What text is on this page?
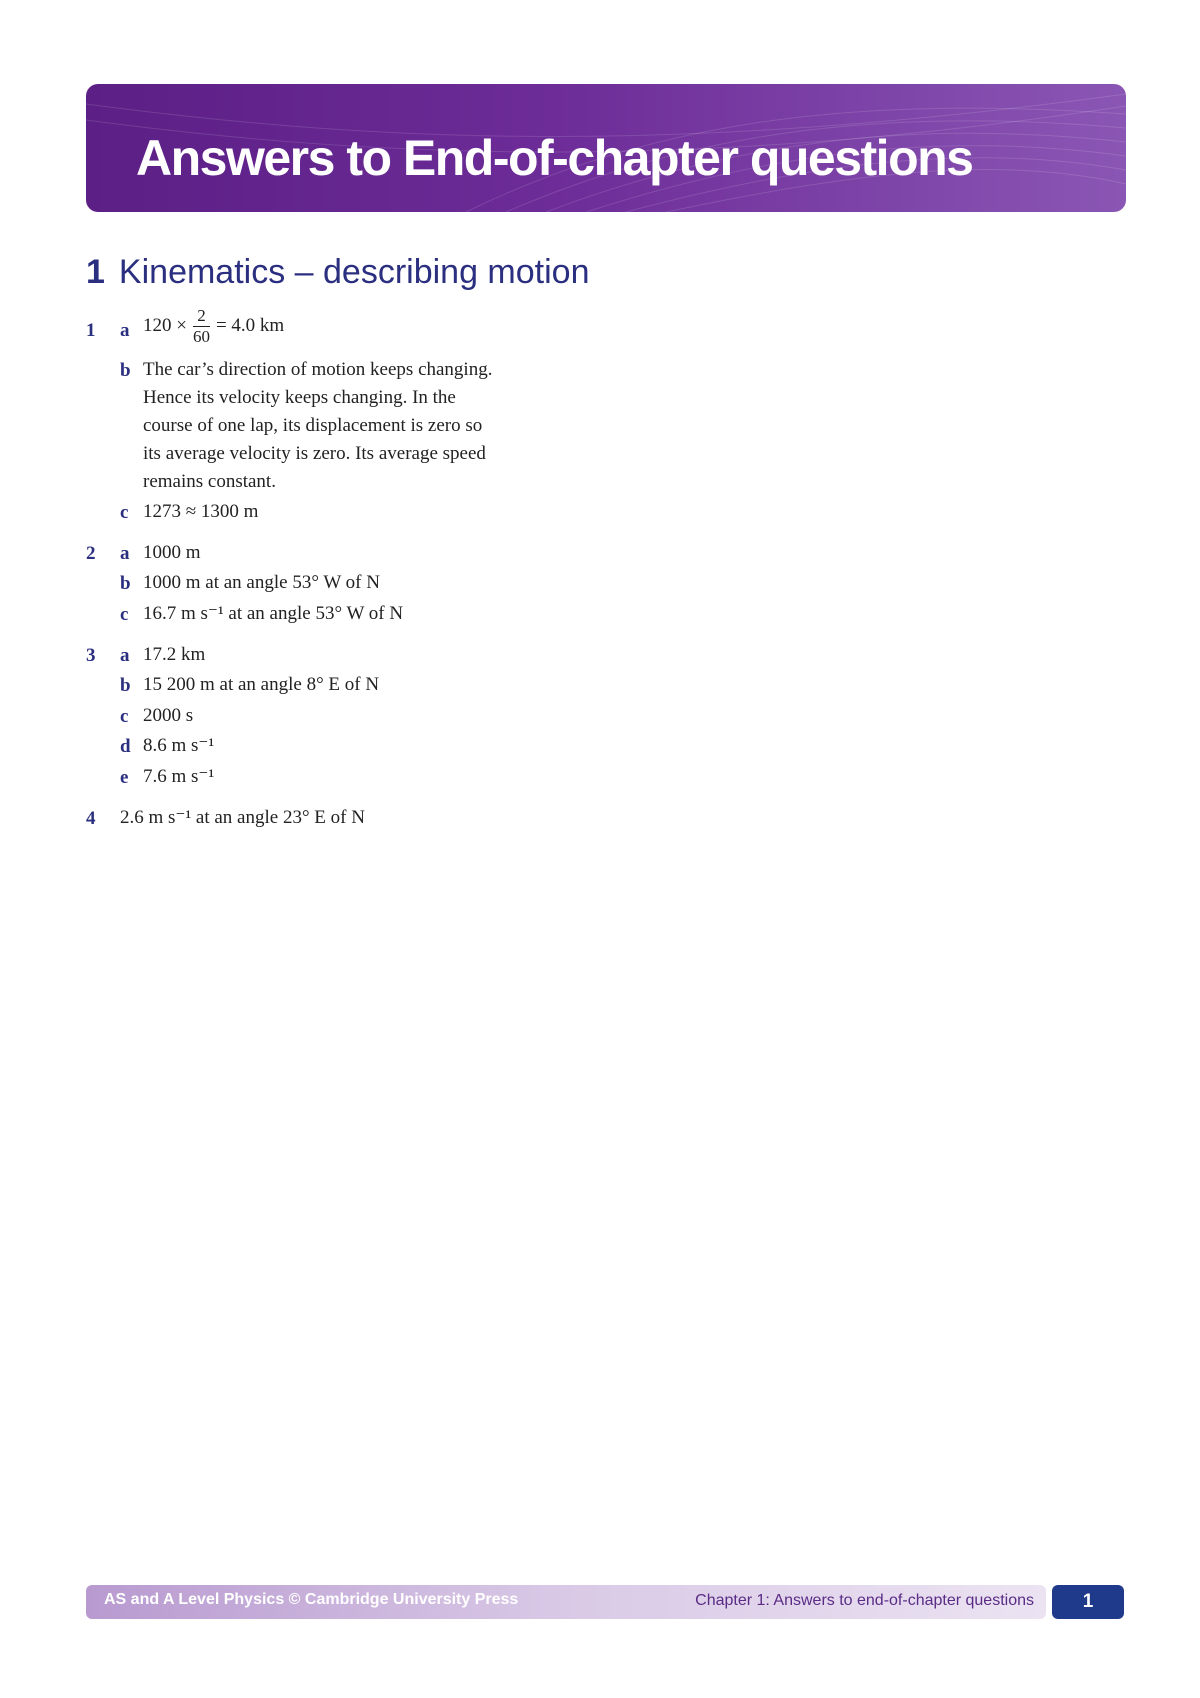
Answers to End-of-chapter questions
1 Kinematics – describing motion
1 a $120 \times \frac{2}{60} = 4.0$ km
b The car’s direction of motion keeps changing.
Hence its velocity keeps changing. In the
course of one lap, its displacement is zero so
its average velocity is zero. Its average speed
remains constant.
c 1273 ≈ 1300 m
2 a 1000 m
b 1000 m at an angle 53° W of N
c 16.7 m s⁻¹ at an angle 53° W of N
3 a 17.2 km
b 15 200 m at an angle 8° E of N
c 2000 s
d 8.6 m s⁻¹
e 7.6 m s⁻¹
4 2.6 m s⁻¹ at an angle 23° E of N
AS and A Level Physics © Cambridge University Press	Chapter 1: Answers to end-of-chapter questions	1
